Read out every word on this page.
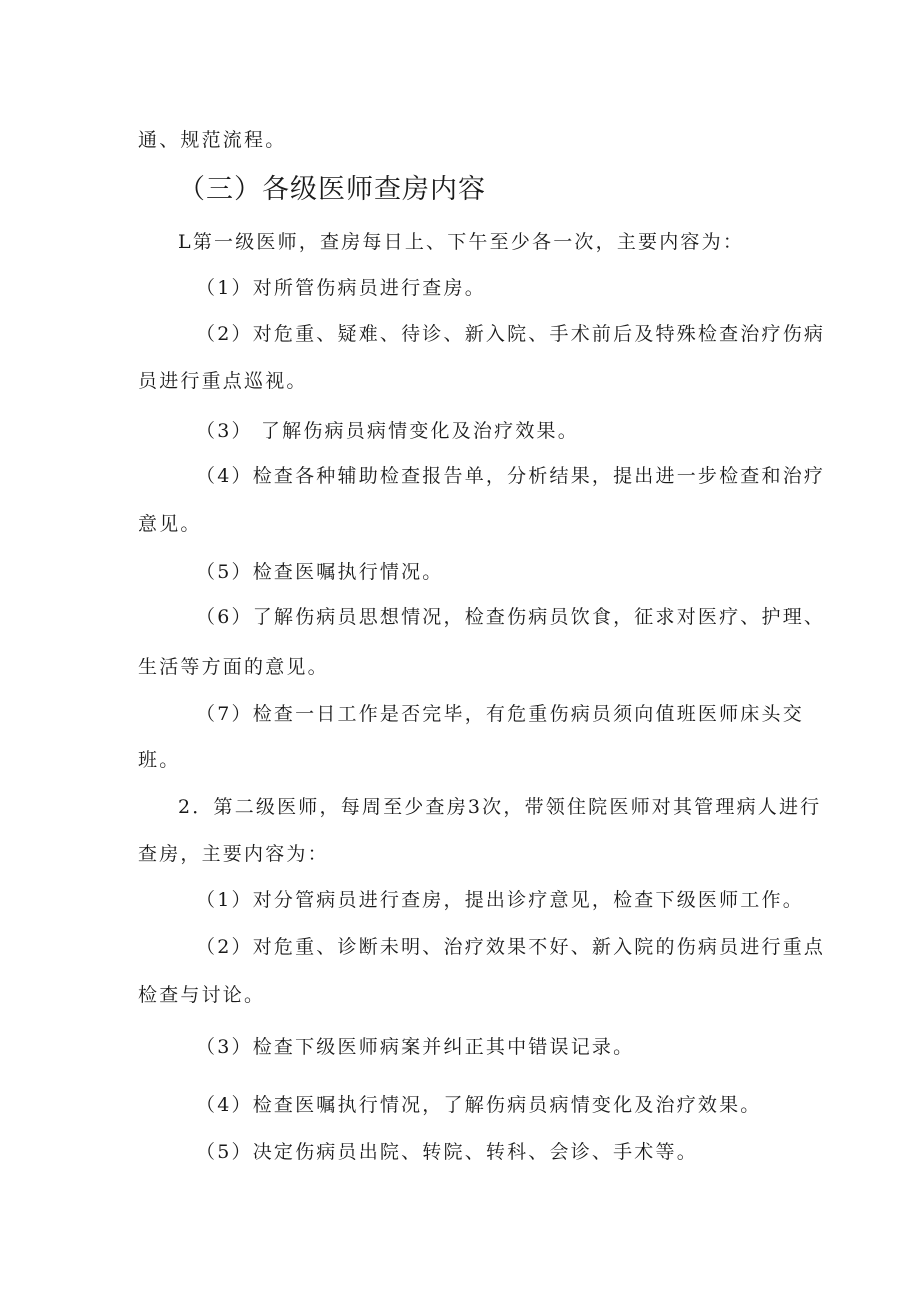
通、规范流程。
（三）各级医师查房内容
L第一级医师，查房每日上、下午至少各一次，主要内容为：
（1）对所管伤病员进行查房。
（2）对危重、疑难、待诊、新入院、手术前后及特殊检查治疗伤病
员进行重点巡视。
（3） 了解伤病员病情变化及治疗效果。
（4）检查各种辅助检查报告单，分析结果，提出进一步检查和治疗
意见。
（5）检查医嘱执行情况。
（6）了解伤病员思想情况，检查伤病员饮食，征求对医疗、护理、
生活等方面的意见。
（7）检查一日工作是否完毕，有危重伤病员须向值班医师床头交
班。
2．第二级医师，每周至少查房3次，带领住院医师对其管理病人进行
查房，主要内容为：
（1）对分管病员进行查房，提出诊疗意见，检查下级医师工作。
（2）对危重、诊断未明、治疗效果不好、新入院的伤病员进行重点
检查与讨论。
（3）检查下级医师病案并纠正其中错误记录。
（4）检查医嘱执行情况，了解伤病员病情变化及治疗效果。
（5）决定伤病员出院、转院、转科、会诊、手术等。
